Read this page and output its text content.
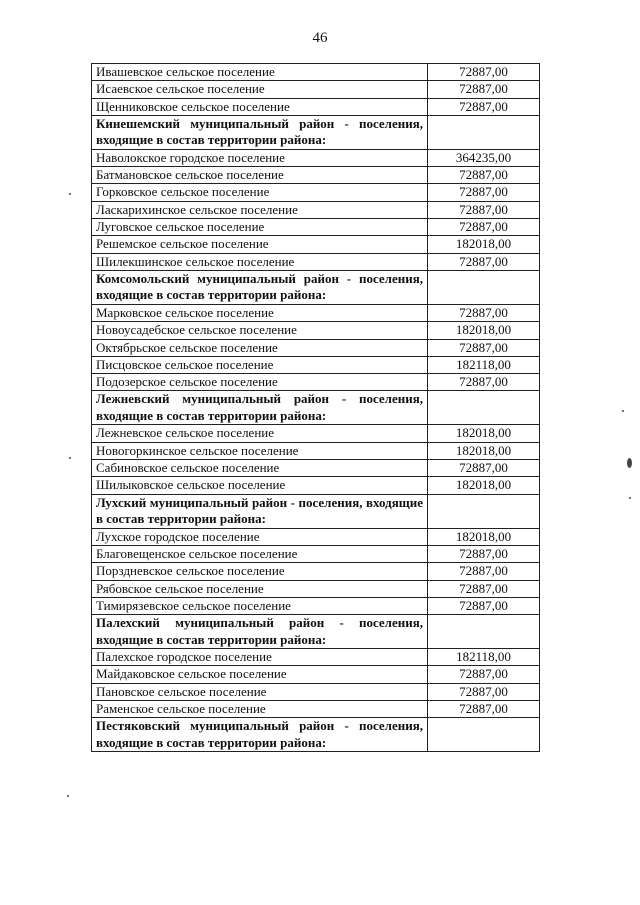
46
Ивашевское сельское поселение	72887,00
Исаевское сельское поселение	72887,00
Щенниковское сельское поселение	72887,00
Кинешемский муниципальный район - поселения, входящие в состав территории района:	
Наволокское городское поселение	364235,00
Батмановское сельское поселение	72887,00
Горковское сельское поселение	72887,00
Ласкарихинское сельское поселение	72887,00
Луговское сельское поселение	72887,00
Решемское сельское поселение	182018,00
Шилекшинское сельское поселение	72887,00
Комсомольский муниципальный район - поселения, входящие в состав территории района:	
Марковское сельское поселение	72887,00
Новоусадебское сельское поселение	182018,00
Октябрьское сельское поселение	72887,00
Писцовское сельское поселение	182118,00
Подозерское сельское поселение	72887,00
Лежневский муниципальный район - поселения, входящие в состав территории района:	
Лежневское сельское поселение	182018,00
Новогоркинское сельское поселение	182018,00
Сабиновское сельское поселение	72887,00
Шилыковское сельское поселение	182018,00
Лухский муниципальный район - поселения, входящие в состав территории района:	
Лухское городское поселение	182018,00
Благовещенское сельское поселение	72887,00
Порздневское сельское поселение	72887,00
Рябовское сельское поселение	72887,00
Тимирязевское сельское поселение	72887,00
Палехский муниципальный район - поселения, входящие в состав территории района:	
Палехское городское поселение	182118,00
Майдаковское сельское поселение	72887,00
Пановское сельское поселение	72887,00
Раменское сельское поселение	72887,00
Пестяковский муниципальный район - поселения, входящие в состав территории района:	
